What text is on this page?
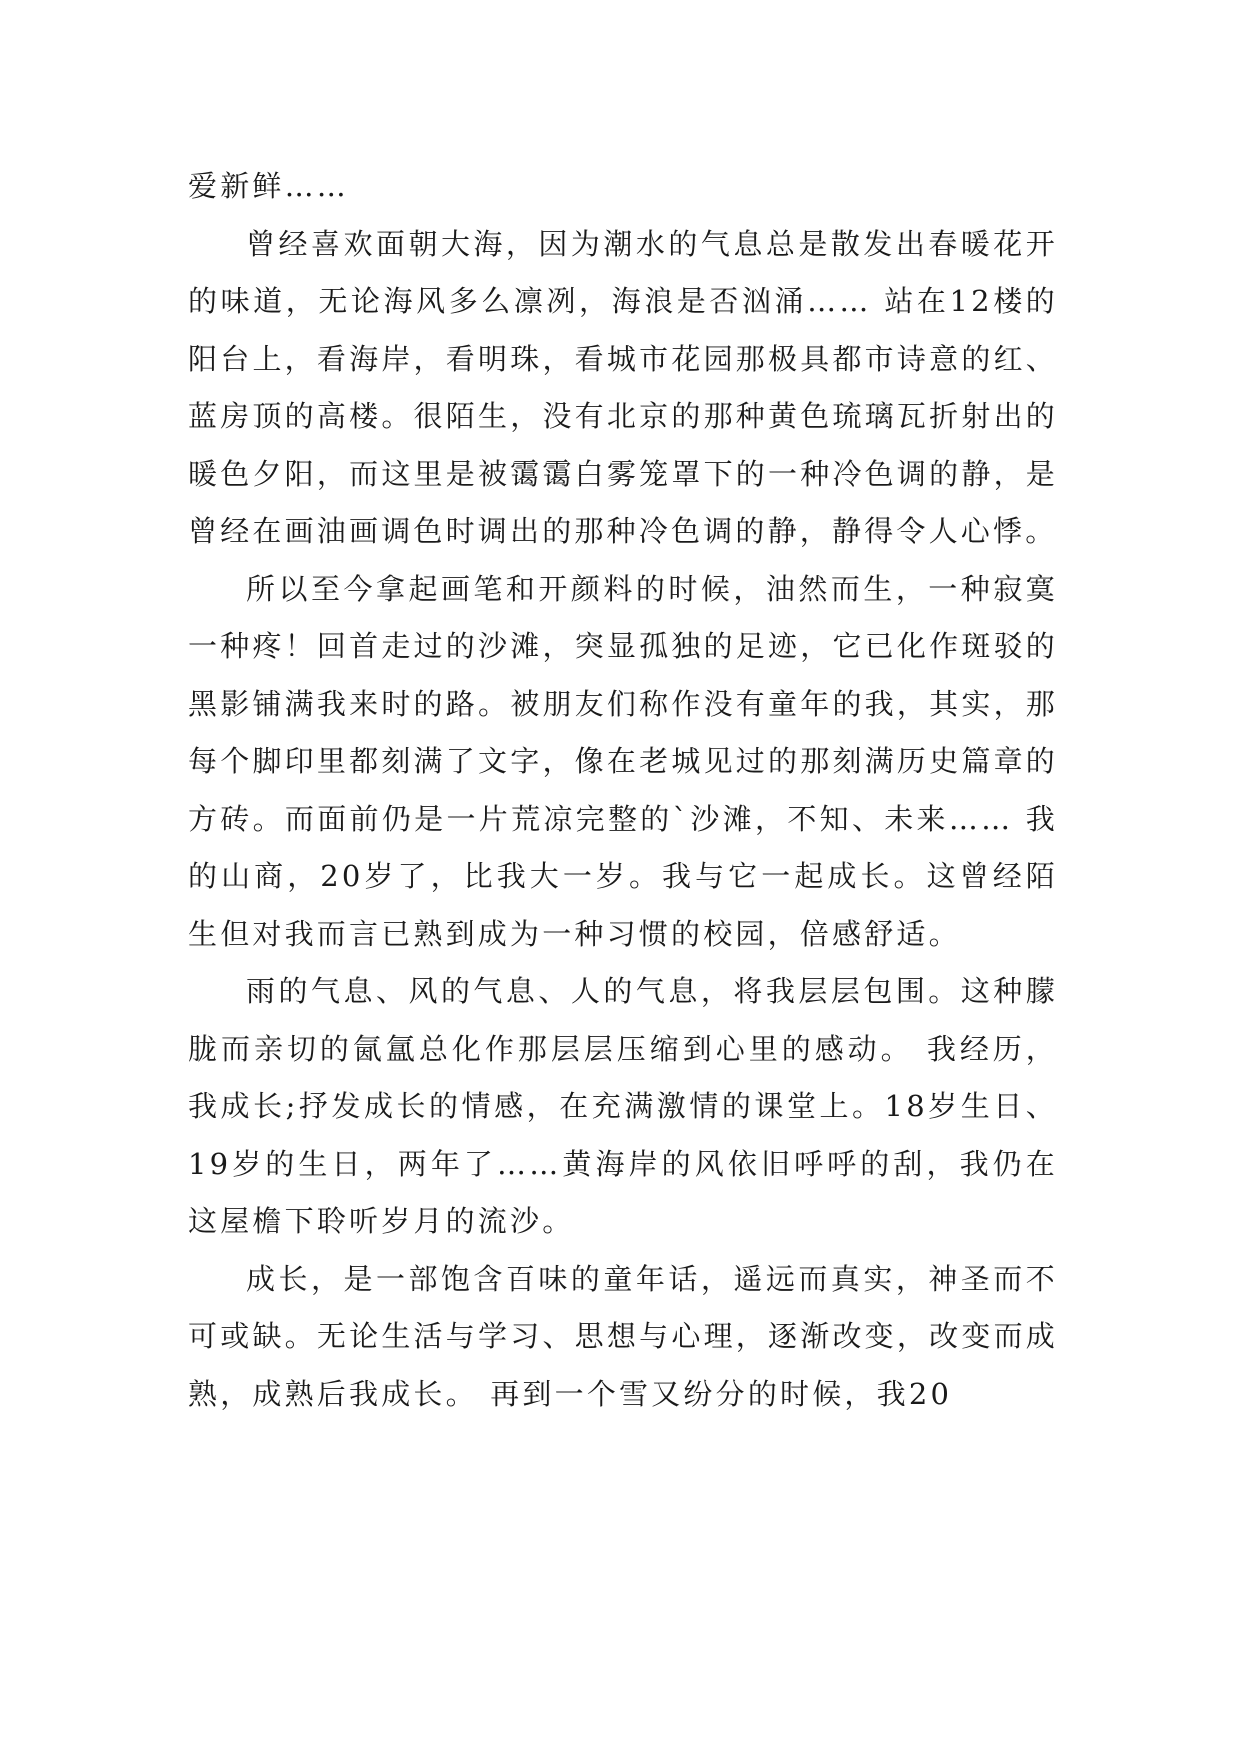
爱新鲜……

曾经喜欢面朝大海，因为潮水的气息总是散发出春暖花开的味道，无论海风多么凛冽，海浪是否汹涌…… 站在12楼的阳台上，看海岸，看明珠，看城市花园那极具都市诗意的红、蓝房顶的高楼。很陌生，没有北京的那种黄色琉璃瓦折射出的暖色夕阳，而这里是被霭霭白雾笼罩下的一种冷色调的静，是曾经在画油画调色时调出的那种冷色调的静，静得令人心悸。

所以至今拿起画笔和开颜料的时候，油然而生，一种寂寞一种疼！回首走过的沙滩，突显孤独的足迹，它已化作斑驳的黑影铺满我来时的路。被朋友们称作没有童年的我，其实，那每个脚印里都刻满了文字，像在老城见过的那刻满历史篇章的方砖。而面前仍是一片荒凉完整的`沙滩，不知、未来…… 我的山商，20岁了，比我大一岁。我与它一起成长。这曾经陌生但对我而言已熟到成为一种习惯的校园，倍感舒适。

雨的气息、风的气息、人的气息，将我层层包围。这种朦胧而亲切的氤氲总化作那层层压缩到心里的感动。 我经历，我成长;抒发成长的情感，在充满激情的课堂上。18岁生日、19岁的生日，两年了……黄海岸的风依旧呼呼的刮，我仍在这屋檐下聆听岁月的流沙。

成长，是一部饱含百味的童年话，遥远而真实，神圣而不可或缺。无论生活与学习、思想与心理，逐渐改变，改变而成熟，成熟后我成长。 再到一个雪又纷分的时候，我20
